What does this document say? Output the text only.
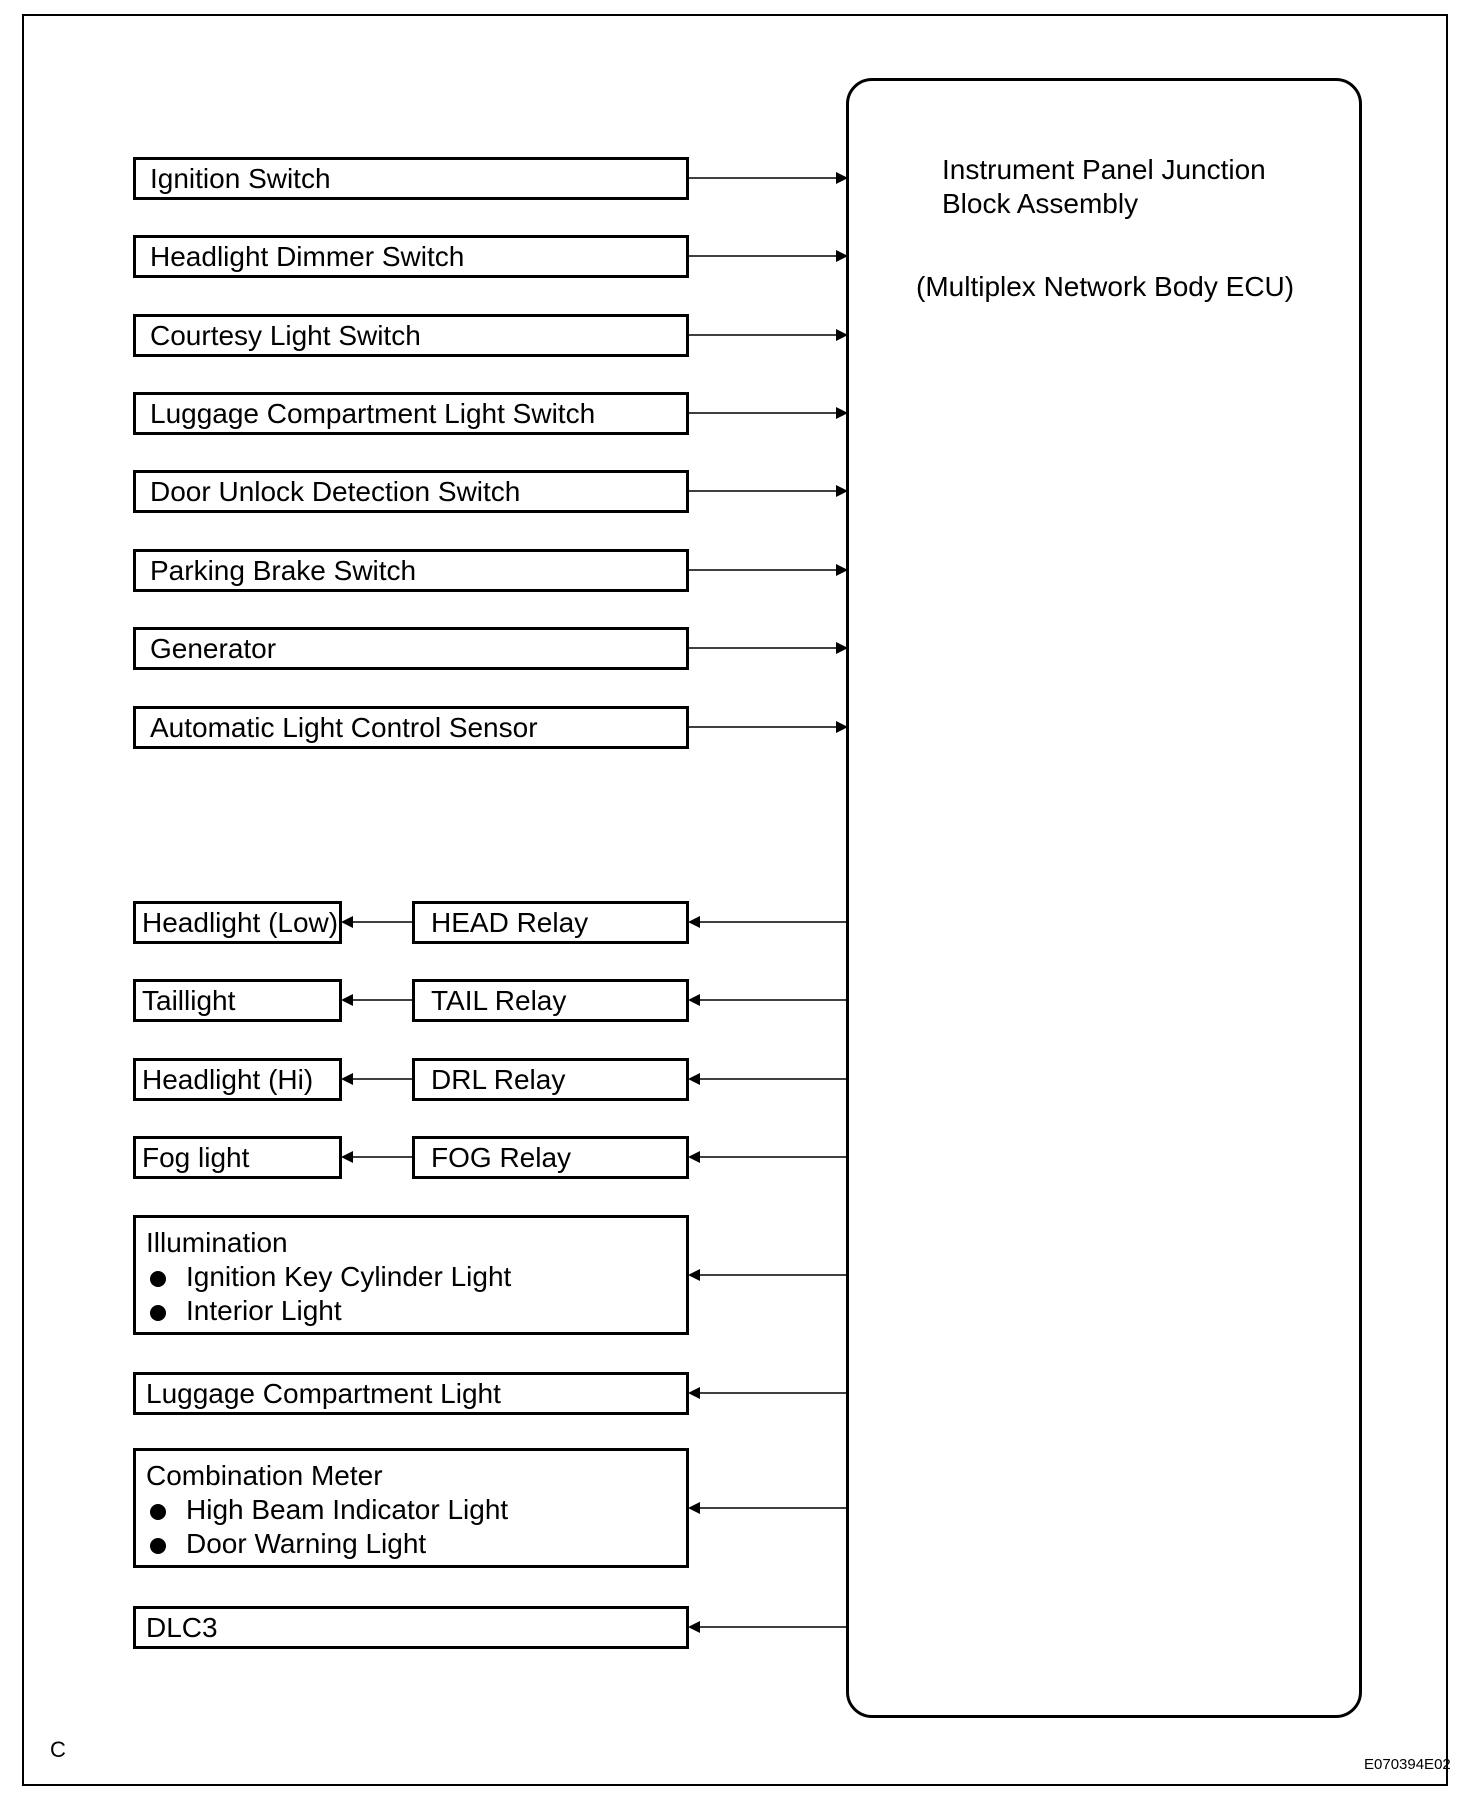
Instrument Panel Junction
Block Assembly
(Multiplex Network Body ECU)
Ignition Switch
Headlight Dimmer Switch
Courtesy Light Switch
Luggage Compartment Light Switch
Door Unlock Detection Switch
Parking Brake Switch
Generator
Automatic Light Control Sensor
HEAD Relay
TAIL Relay
DRL Relay
FOG Relay
Headlight (Low)
Taillight
Headlight (Hi)
Fog light
Illumination
Ignition Key Cylinder Light
Interior Light
Luggage Compartment Light
Combination Meter
High Beam Indicator Light
Door Warning Light
DLC3
C
E070394E02
